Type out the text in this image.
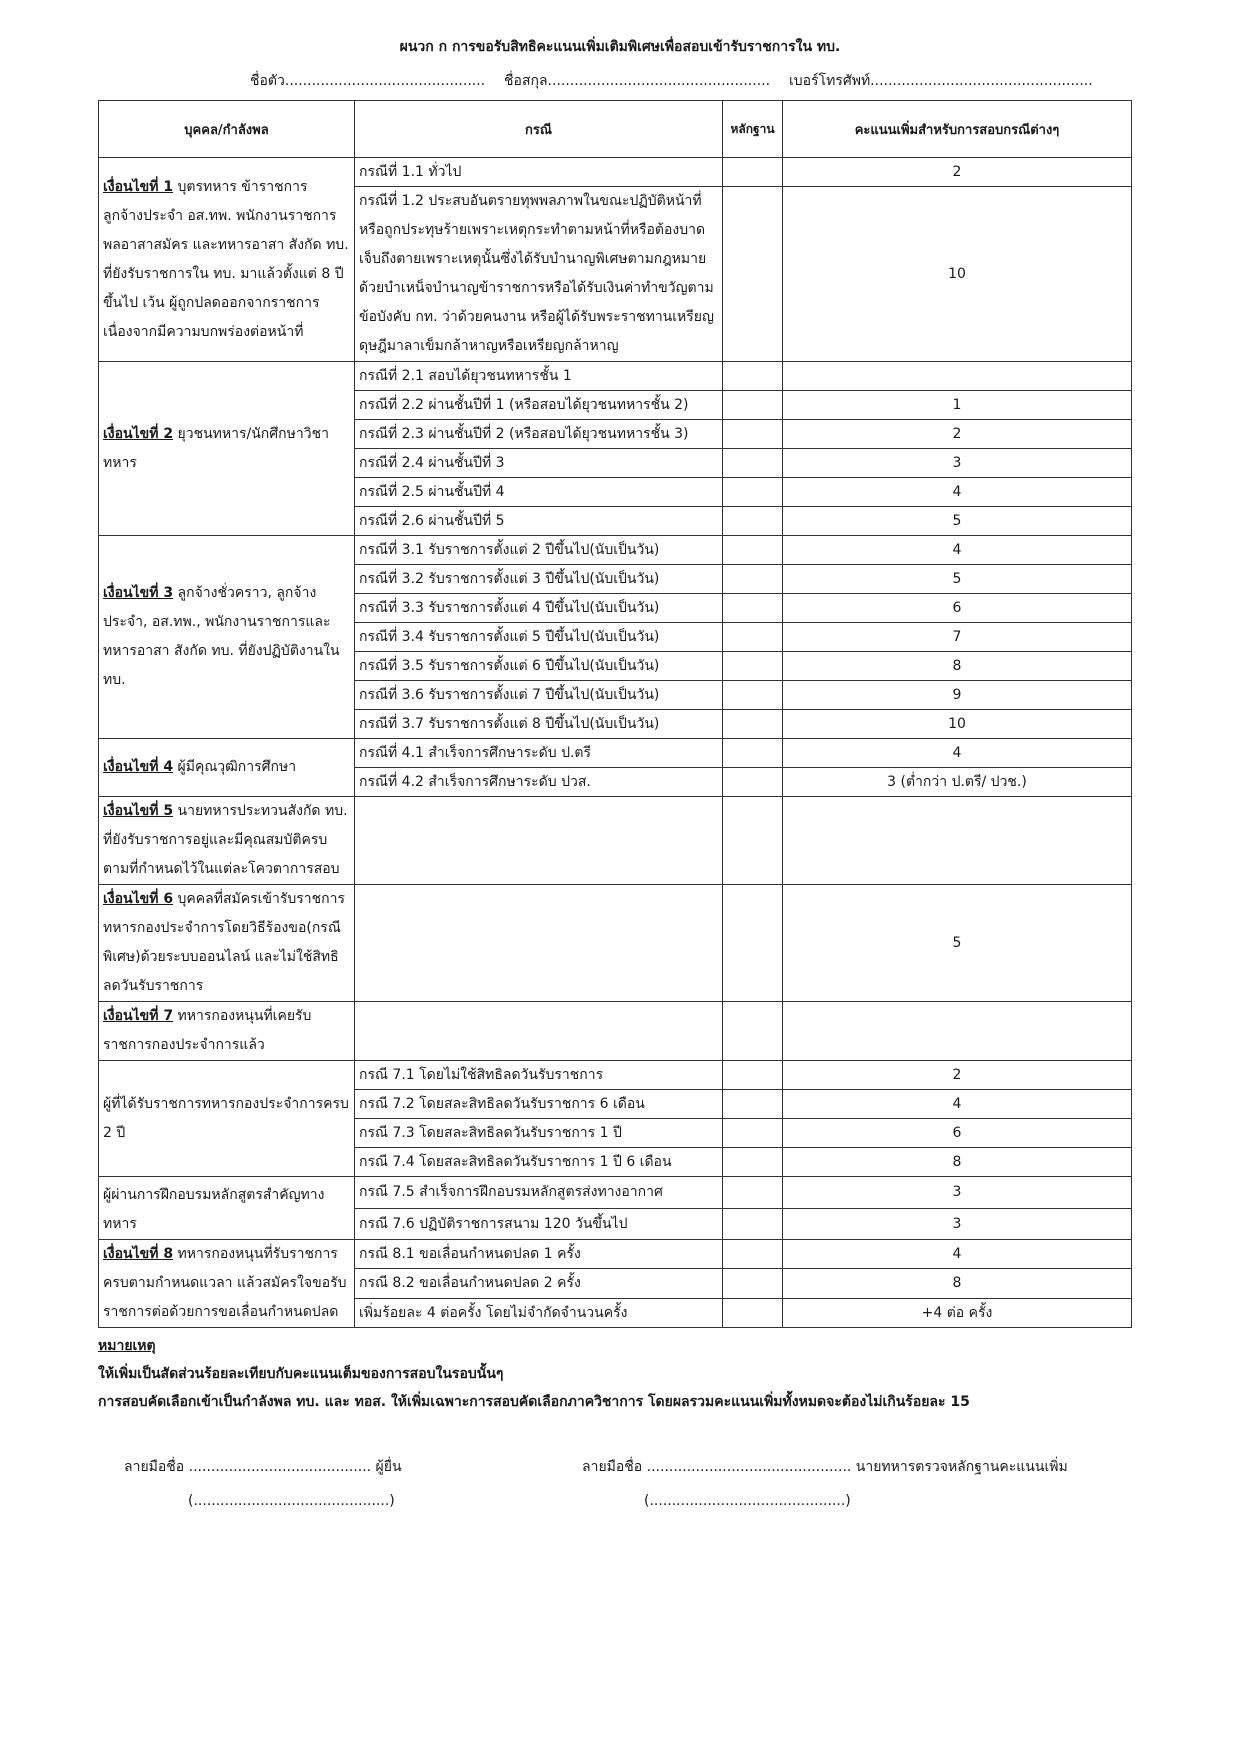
ผนวก ก การขอรับสิทธิคะแนนเพิ่มเติมพิเศษเพื่อสอบเข้ารับราชการใน ทบ.
ชื่อตัว............................................. ชื่อสกุล.................................................. เบอร์โทรศัพท์..................................................
บุคคล/กำลังพล	กรณี	หลักฐาน	คะแนนเพิ่มสำหรับการสอบกรณีต่างๆ
เงื่อนไขที่ 1 บุตรทหาร ข้าราชการ ลูกจ้างประจำ อส.ทพ. พนักงานราชการ พลอาสาสมัคร และทหารอาสา สังกัด ทบ. ที่ยังรับราชการใน ทบ. มาแล้วตั้งแต่ 8 ปีขึ้นไป เว้น ผู้ถูกปลดออกจากราชการ เนื่องจากมีความบกพร่องต่อหน้าที่	กรณีที่ 1.1 ทั่วไป		2
	กรณีที่ 1.2 ประสบอันตรายทุพพลภาพในขณะปฏิบัติหน้าที่ หรือถูกประทุษร้ายเพราะเหตุกระทำตามหน้าที่หรือต้องบาดเจ็บถึงตายเพราะเหตุนั้นซึ่งได้รับบำนาญพิเศษตามกฎหมายด้วยบำเหน็จบำนาญข้าราชการหรือได้รับเงินค่าทำขวัญตามข้อบังคับ กท. ว่าด้วยคนงาน หรือผู้ได้รับพระราชทานเหรียญดุษฎีมาลาเข็มกล้าหาญหรือเหรียญกล้าหาญ		10
เงื่อนไขที่ 2 ยุวชนทหาร/นักศึกษาวิชาทหาร	กรณีที่ 2.1 สอบได้ยุวชนทหารชั้น 1		
	กรณีที่ 2.2 ผ่านชั้นปีที่ 1 (หรือสอบได้ยุวชนทหารชั้น 2)		1
	กรณีที่ 2.3 ผ่านชั้นปีที่ 2 (หรือสอบได้ยุวชนทหารชั้น 3)		2
	กรณีที่ 2.4 ผ่านชั้นปีที่ 3		3
	กรณีที่ 2.5 ผ่านชั้นปีที่ 4		4
	กรณีที่ 2.6 ผ่านชั้นปีที่ 5		5
เงื่อนไขที่ 3 ลูกจ้างชั่วคราว, ลูกจ้างประจำ, อส.ทพ., พนักงานราชการและทหารอาสา สังกัด ทบ. ที่ยังปฏิบัติงานใน ทบ.	กรณีที่ 3.1 รับราชการตั้งแต่ 2 ปีขึ้นไป(นับเป็นวัน)		4
	กรณีที่ 3.2 รับราชการตั้งแต่ 3 ปีขึ้นไป(นับเป็นวัน)		5
	กรณีที่ 3.3 รับราชการตั้งแต่ 4 ปีขึ้นไป(นับเป็นวัน)		6
	กรณีที่ 3.4 รับราชการตั้งแต่ 5 ปีขึ้นไป(นับเป็นวัน)		7
	กรณีที่ 3.5 รับราชการตั้งแต่ 6 ปีขึ้นไป(นับเป็นวัน)		8
	กรณีที่ 3.6 รับราชการตั้งแต่ 7 ปีขึ้นไป(นับเป็นวัน)		9
	กรณีที่ 3.7 รับราชการตั้งแต่ 8 ปีขึ้นไป(นับเป็นวัน)		10
เงื่อนไขที่ 4 ผู้มีคุณวุฒิการศึกษา	กรณีที่ 4.1 สำเร็จการศึกษาระดับ ป.ตรี		4
	กรณีที่ 4.2 สำเร็จการศึกษาระดับ ปวส.		3 (ต่ำกว่า ป.ตรี/ ปวช.)
เงื่อนไขที่ 5 นายทหารประทวนสังกัด ทบ. ที่ยังรับราชการอยู่และมีคุณสมบัติครบตามที่กำหนดไว้ในแต่ละโควตาการสอบ			
เงื่อนไขที่ 6 บุคคลที่สมัครเข้ารับราชการทหารกองประจำการโดยวิธีร้องขอ(กรณีพิเศษ)ด้วยระบบออนไลน์ และไม่ใช้สิทธิลดวันรับราชการ			5
เงื่อนไขที่ 7 ทหารกองหนุนที่เคยรับราชการกองประจำการแล้ว			
ผู้ที่ได้รับราชการทหารกองประจำการครบ 2 ปี	กรณี 7.1 โดยไม่ใช้สิทธิลดวันรับราชการ		2
	กรณี 7.2 โดยสละสิทธิลดวันรับราชการ 6 เดือน		4
	กรณี 7.3 โดยสละสิทธิลดวันรับราชการ 1 ปี		6
	กรณี 7.4 โดยสละสิทธิลดวันรับราชการ 1 ปี 6 เดือน		8
ผู้ผ่านการฝึกอบรมหลักสูตรสำคัญทางทหาร	กรณี 7.5 สำเร็จการฝึกอบรมหลักสูตรส่งทางอากาศ		3
	กรณี 7.6 ปฏิบัติราชการสนาม 120 วันขึ้นไป		3
เงื่อนไขที่ 8 ทหารกองหนุนที่รับราชการครบตามกำหนดแวลา แล้วสมัครใจขอรับราชการต่อด้วยการขอเลื่อนกำหนดปลด	กรณี 8.1 ขอเลื่อนกำหนดปลด 1 ครั้ง		4
	กรณี 8.2 ขอเลื่อนกำหนดปลด 2 ครั้ง		8
	เพิ่มร้อยละ 4 ต่อครั้ง โดยไม่จำกัดจำนวนครั้ง		+4 ต่อ ครั้ง
หมายเหตุ
ให้เพิ่มเป็นสัดส่วนร้อยละเทียบกับคะแนนเต็มของการสอบในรอบนั้นๆ
การสอบคัดเลือกเข้าเป็นกำลังพล ทบ. และ ทอส. ให้เพิ่มเฉพาะการสอบคัดเลือกภาควิชาการ โดยผลรวมคะแนนเพิ่มทั้งหมดจะต้องไม่เกินร้อยละ 15
ลายมือชื่อ ......................................... ผู้ยื่น
(............................................)
ลายมือชื่อ .............................................. นายทหารตรวจหลักฐานคะแนนเพิ่ม
(............................................)
